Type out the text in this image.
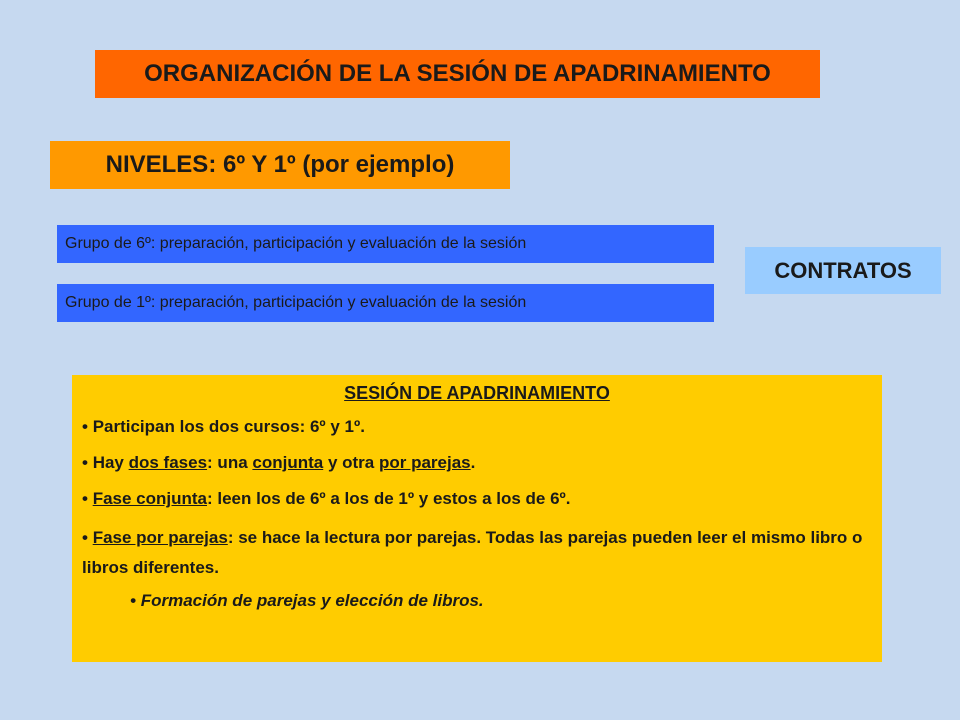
ORGANIZACIÓN DE LA SESIÓN DE APADRINAMIENTO
NIVELES: 6º Y 1º (por ejemplo)
Grupo de 6º: preparación, participación y evaluación de la sesión
Grupo de 1º: preparación, participación y evaluación de la sesión
CONTRATOS
SESIÓN DE APADRINAMIENTO
• Participan los dos cursos: 6º y 1º.
• Hay dos fases: una conjunta y otra por parejas.
• Fase conjunta: leen los de 6º a los de 1º y estos a los de 6º.
• Fase por parejas: se hace la lectura por parejas. Todas las parejas pueden leer el mismo libro o libros diferentes.
• Formación de parejas y elección de libros.
